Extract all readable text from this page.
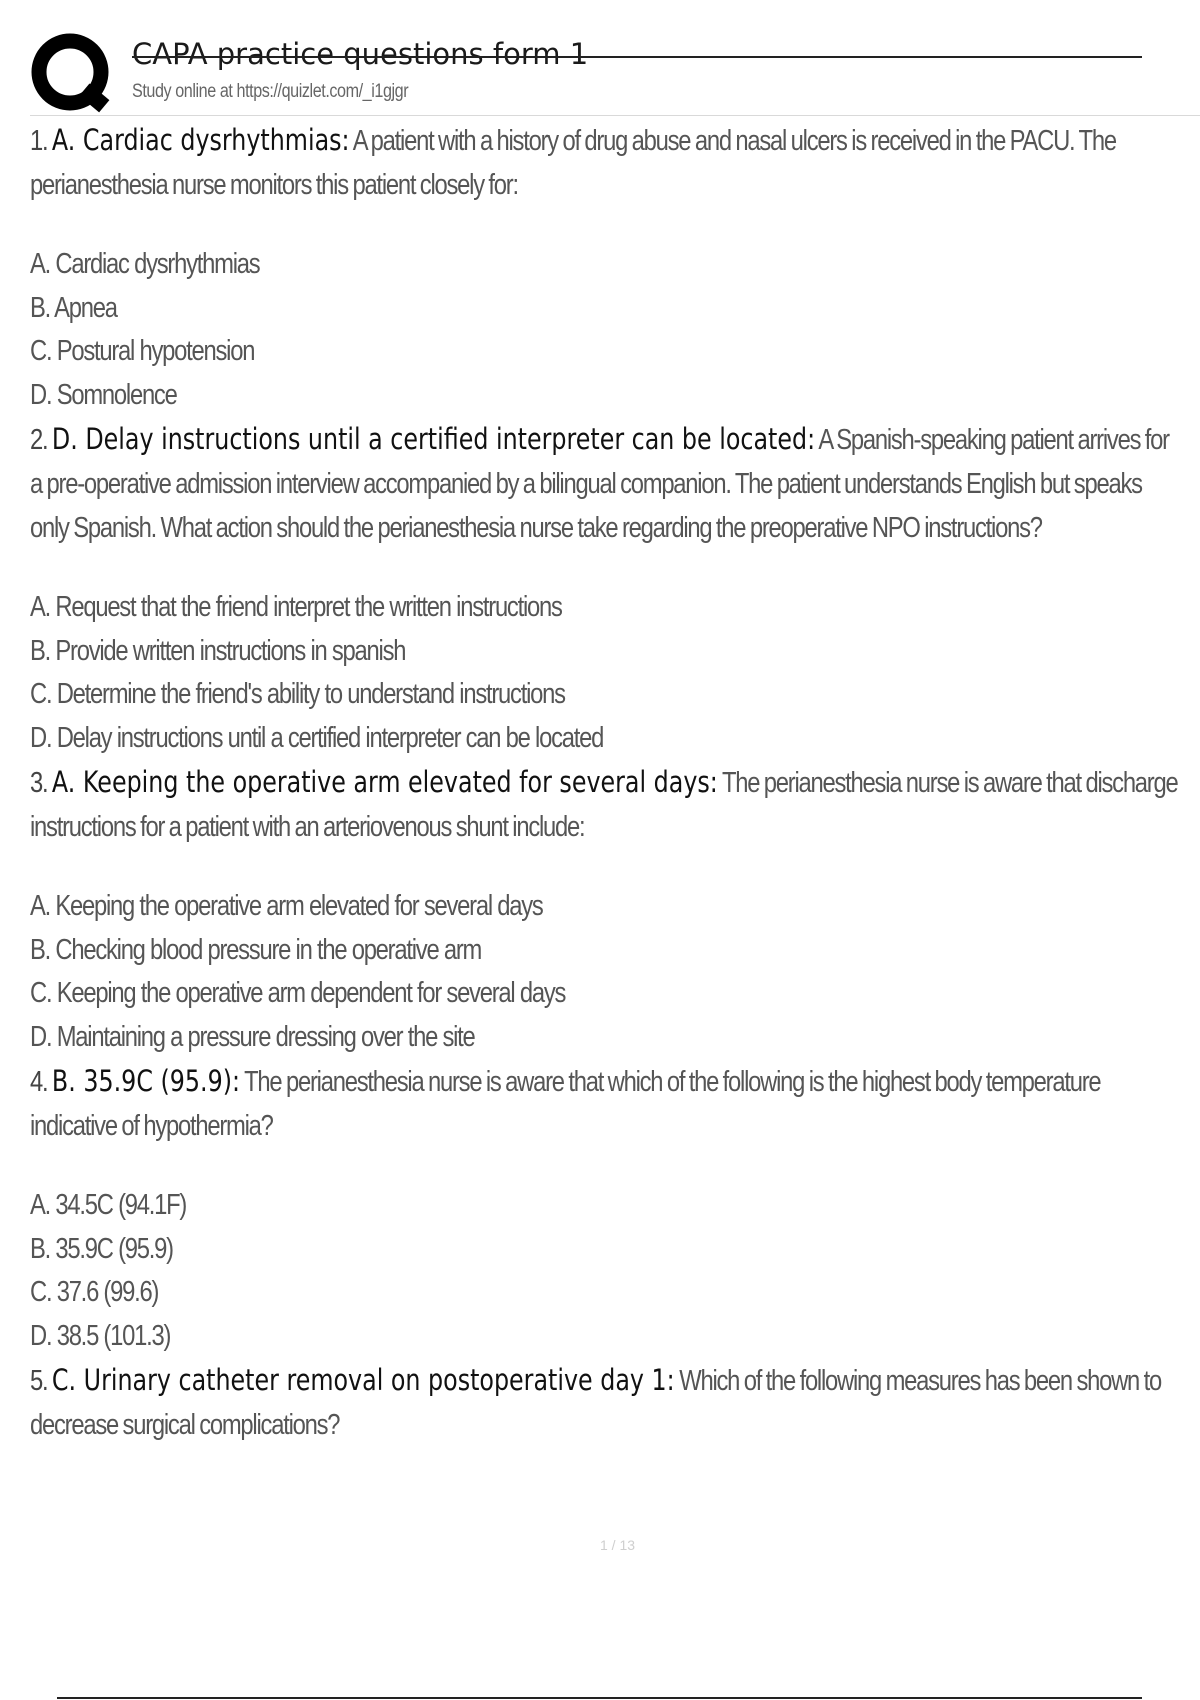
CAPA practice questions form 1
Study online at https://quizlet.com/_i1gjgr

1. A. Cardiac dysrhythmias: A patient with a history of drug abuse and nasal ulcers is received in the PACU. The perianesthesia nurse monitors this patient closely for:

A. Cardiac dysrhythmias
B. Apnea
C. Postural hypotension
D. Somnolence

2. D. Delay instructions until a certified interpreter can be located: A Spanish-speaking patient arrives for a pre-operative admission interview accompanied by a bilingual companion. The patient understands English but speaks only Spanish. What action should the perianesthesia nurse take regarding the preoperative NPO instructions?

A. Request that the friend interpret the written instructions
B. Provide written instructions in spanish
C. Determine the friend's ability to understand instructions
D. Delay instructions until a certified interpreter can be located

3. A. Keeping the operative arm elevated for several days: The perianesthesia nurse is aware that discharge instructions for a patient with an arteriovenous shunt include:

A. Keeping the operative arm elevated for several days
B. Checking blood pressure in the operative arm
C. Keeping the operative arm dependent for several days
D. Maintaining a pressure dressing over the site

4. B. 35.9C (95.9): The perianesthesia nurse is aware that which of the following is the highest body temperature indicative of hypothermia?

A. 34.5C (94.1F)
B. 35.9C (95.9)
C. 37.6 (99.6)
D. 38.5 (101.3)

5. C. Urinary catheter removal on postoperative day 1: Which of the following measures has been shown to decrease surgical complications?

1 / 13
